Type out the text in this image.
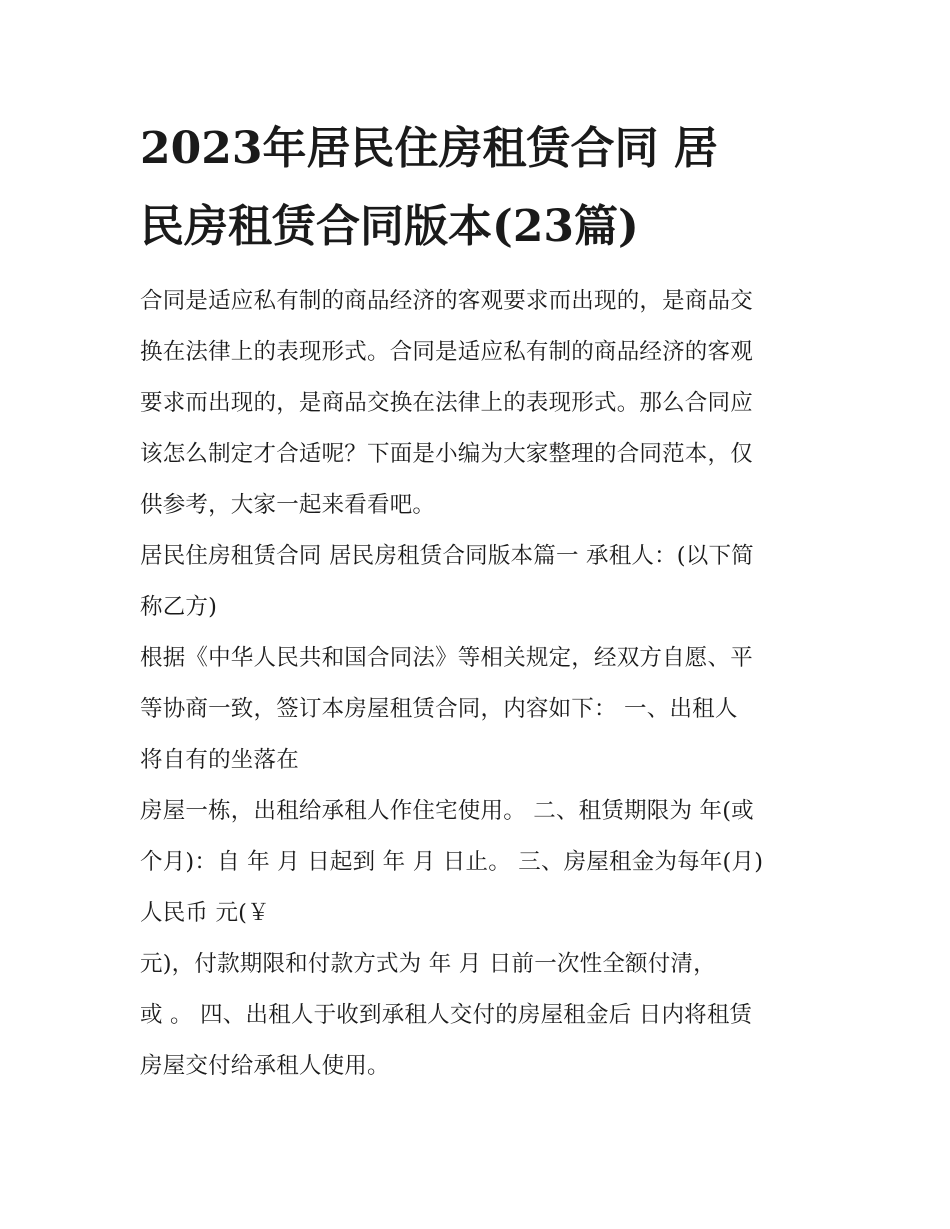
2023年居民住房租赁合同 居
民房租赁合同版本(23篇)

合同是适应私有制的商品经济的客观要求而出现的，是商品交

换在法律上的表现形式。合同是适应私有制的商品经济的客观

要求而出现的，是商品交换在法律上的表现形式。那么合同应

该怎么制定才合适呢？下面是小编为大家整理的合同范本，仅

供参考，大家一起来看看吧。

居民住房租赁合同 居民房租赁合同版本篇一 承租人：(以下简

称乙方)

根据《中华人民共和国合同法》等相关规定，经双方自愿、平

等协商一致，签订本房屋租赁合同，内容如下： 一、出租人

将自有的坐落在

房屋一栋，出租给承租人作住宅使用。 二、租赁期限为 年(或

个月)：自 年 月 日起到 年 月 日止。 三、房屋租金为每年(月)

人民币 元(￥

元)，付款期限和付款方式为 年 月 日前一次性全额付清，

或 。 四、出租人于收到承租人交付的房屋租金后 日内将租赁

房屋交付给承租人使用。
